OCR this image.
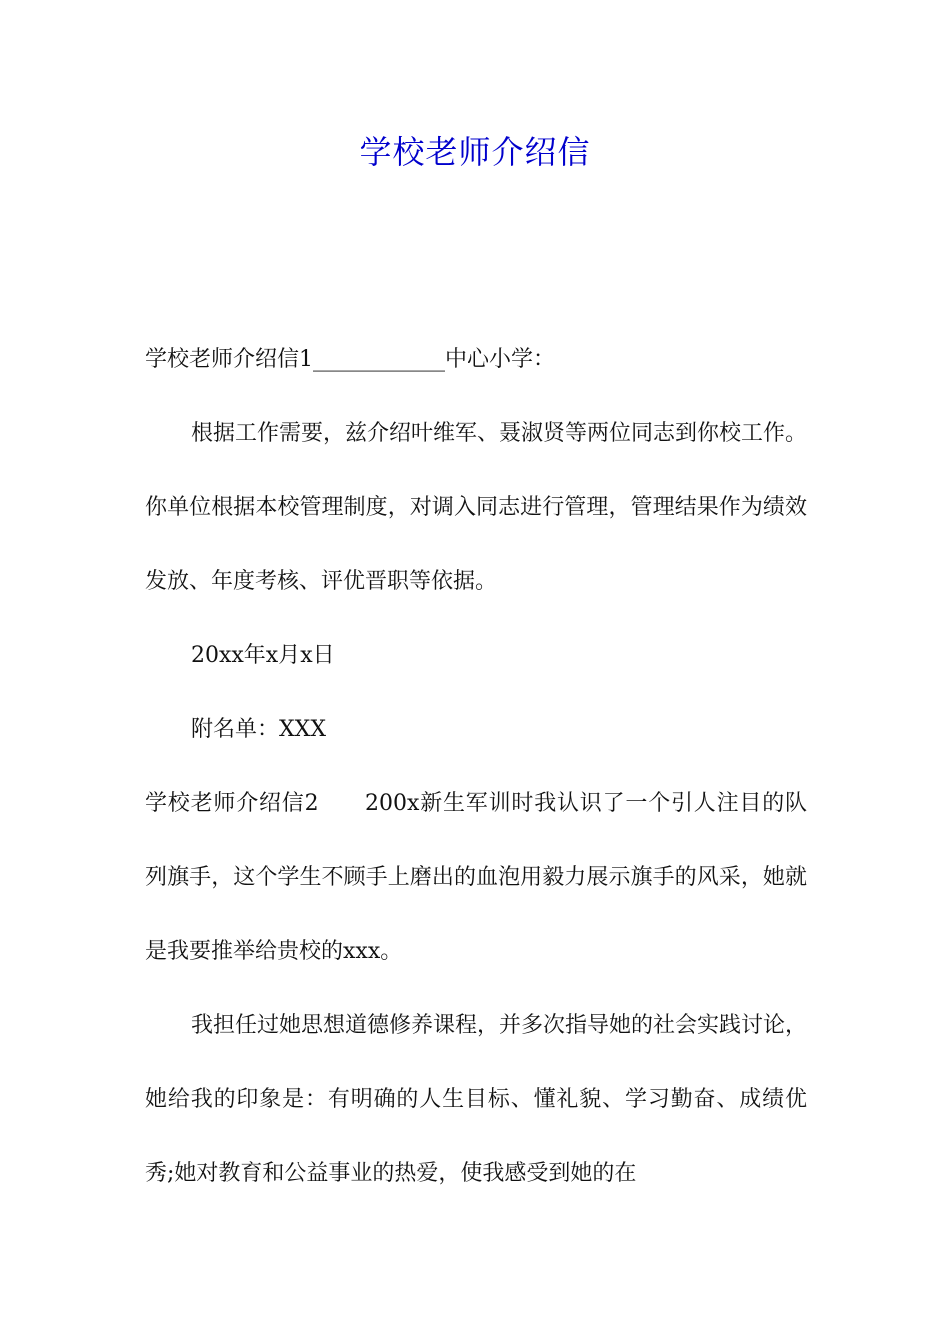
学校老师介绍信

学校老师介绍信1____________中心小学：

根据工作需要，兹介绍叶维军、聂淑贤等两位同志到你校工作。你单位根据本校管理制度，对调入同志进行管理，管理结果作为绩效发放、年度考核、评优晋职等依据。

20xx年x月x日

附名单：XXX

学校老师介绍信2　　200x新生军训时我认识了一个引人注目的队列旗手，这个学生不顾手上磨出的血泡用毅力展示旗手的风采，她就是我要推举给贵校的xxx。

我担任过她思想道德修养课程，并多次指导她的社会实践讨论，她给我的印象是：有明确的人生目标、懂礼貌、学习勤奋、成绩优秀;她对教育和公益事业的热爱，使我感受到她的在
